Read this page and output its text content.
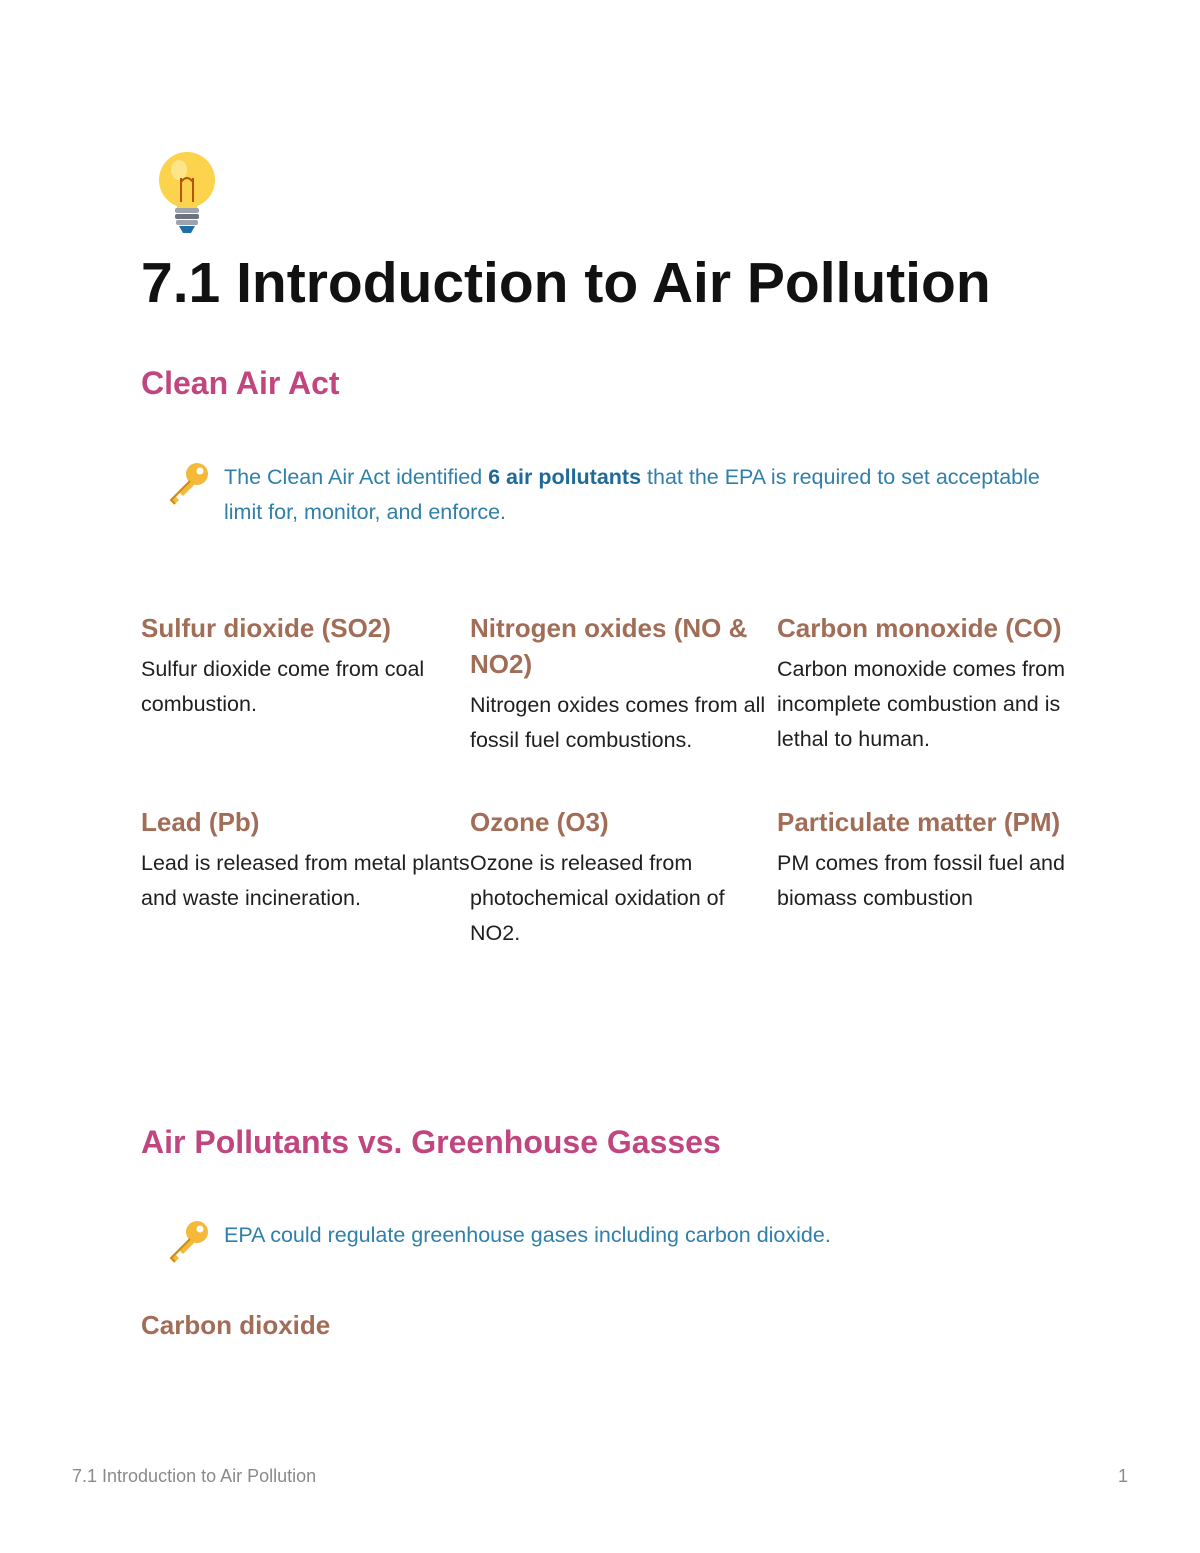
7.1 Introduction to Air Pollution
Clean Air Act
The Clean Air Act identified 6 air pollutants that the EPA is required to set acceptable limit for, monitor, and enforce.
Sulfur dioxide (SO2)

Sulfur dioxide come from coal combustion.

Nitrogen oxides (NO & NO2)

Nitrogen oxides comes from all fossil fuel combustions.

Carbon monoxide (CO)

Carbon monoxide comes from incomplete combustion and is lethal to human.

Lead (Pb)

Lead is released from metal plants and waste incineration.

Ozone (O3)

Ozone is released from photochemical oxidation of NO2.

Particulate matter (PM)

PM comes from fossil fuel and biomass combustion

Air Pollutants vs. Greenhouse Gasses
EPA could regulate greenhouse gases including carbon dioxide.
Carbon dioxide
7.1 Introduction to Air Pollution	1
